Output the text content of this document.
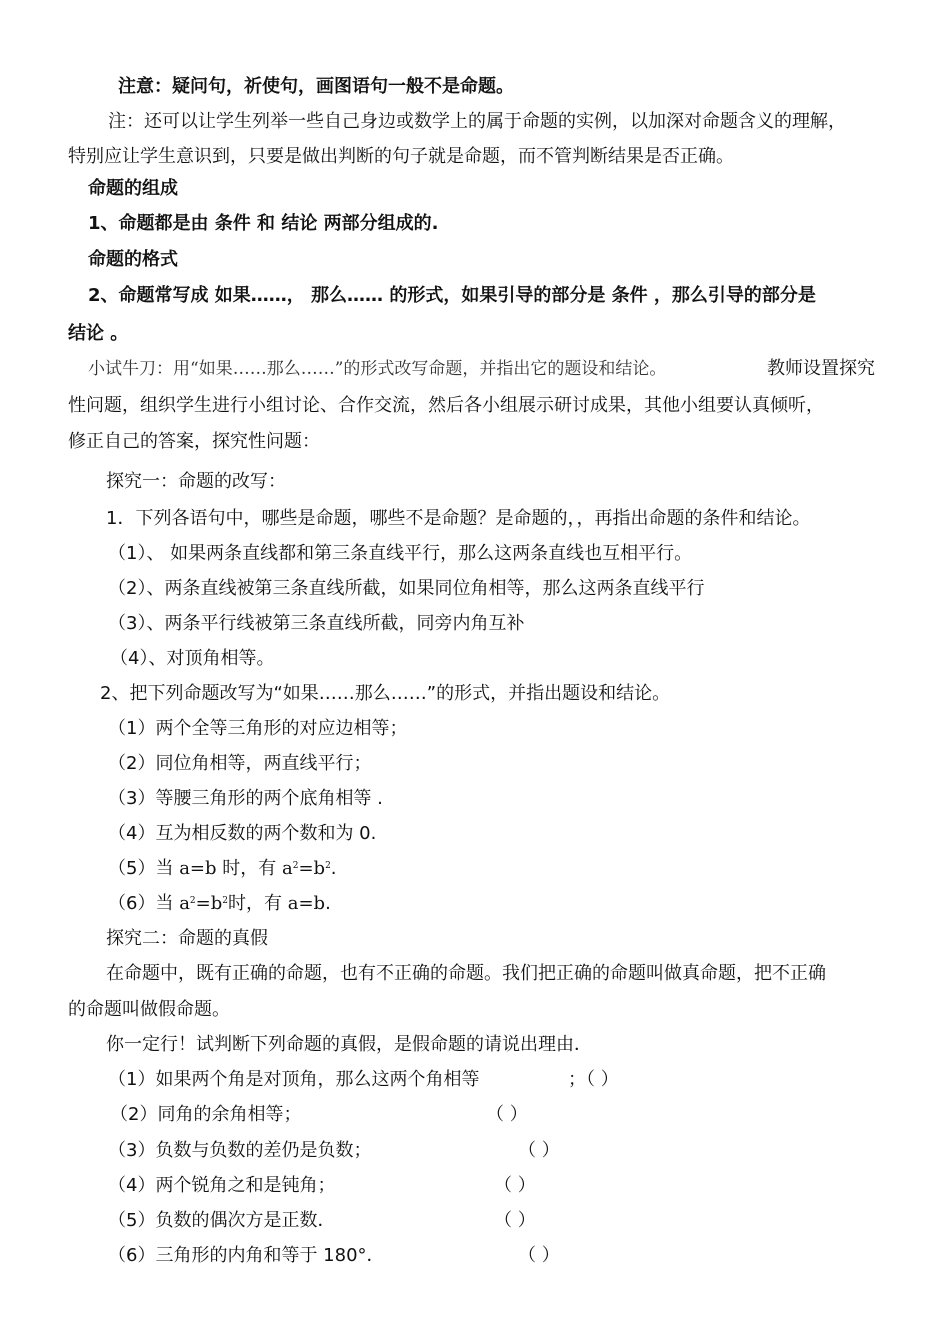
注意：疑问句，祈使句，画图语句一般不是命题。
注：还可以让学生列举一些自己身边或数学上的属于命题的实例，以加深对命题含义的理解，
特别应让学生意识到，只要是做出判断的句子就是命题，而不管判断结果是否正确。
命题的组成
1、命题都是由 条件 和 结论 两部分组成的.
命题的格式
2、命题常写成 如果……， 那么…… 的形式，如果引导的部分是 条件 ，那么引导的部分是
结论 。
小试牛刀：用“如果……那么……”的形式改写命题，并指出它的题设和结论。	教师设置探究
性问题，组织学生进行小组讨论、合作交流，然后各小组展示研讨成果，其他小组要认真倾听，
修正自己的答案，探究性问题：
探究一：命题的改写：
1．下列各语句中，哪些是命题，哪些不是命题？是命题的，，再指出命题的条件和结论。
（1）、 如果两条直线都和第三条直线平行，那么这两条直线也互相平行。
（2）、两条直线被第三条直线所截，如果同位角相等，那么这两条直线平行
（3）、两条平行线被第三条直线所截，同旁内角互补
（4）、对顶角相等。
2、把下列命题改写为“如果……那么……”的形式，并指出题设和结论。
（1）两个全等三角形的对应边相等；
（2）同位角相等，两直线平行；
（3）等腰三角形的两个底角相等 .
（4）互为相反数的两个数和为 0.
（5）当 a=b 时，有 $a^2=b^2$.
（6）当 $a^2=b^2$时，有 a=b.
探究二：命题的真假
在命题中，既有正确的命题，也有不正确的命题。我们把正确的命题叫做真命题，把不正确
的命题叫做假命题。
你一定行！试判断下列命题的真假，是假命题的请说出理由．
（1）如果两个角是对顶角，那么这两个角相等	；（ ）
（2）同角的余角相等；	（ ）
（3）负数与负数的差仍是负数；	（ ）
（4）两个锐角之和是钝角；	（ ）
（5）负数的偶次方是正数．	（ ）
（6）三角形的内角和等于 180°．	（ ）
